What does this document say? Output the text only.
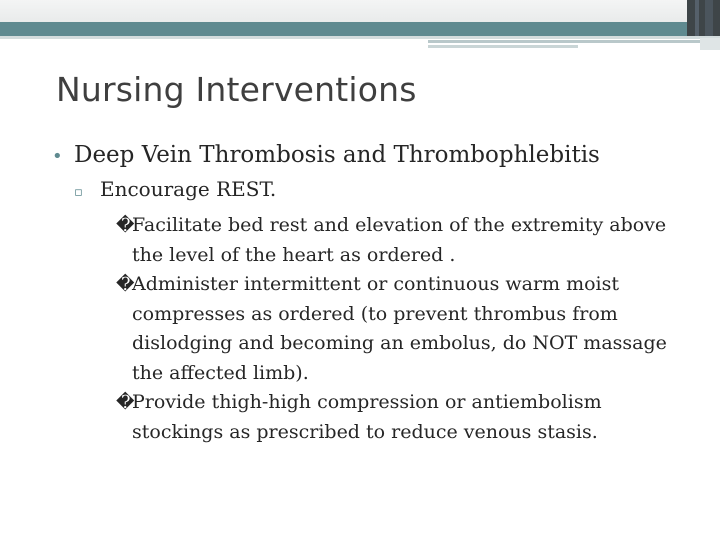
Nursing Interventions
• Deep Vein Thrombosis and Thrombophlebitis
▫ Encourage REST.
�
Facilitate bed rest and elevation of the extremity above the level of the heart as ordered .
�
Administer intermittent or continuous warm moist compresses as ordered (to prevent thrombus from dislodging and becoming an embolus, do NOT massage the affected limb).
�
Provide thigh-high compression or antiembolism stockings as prescribed to reduce venous stasis.
